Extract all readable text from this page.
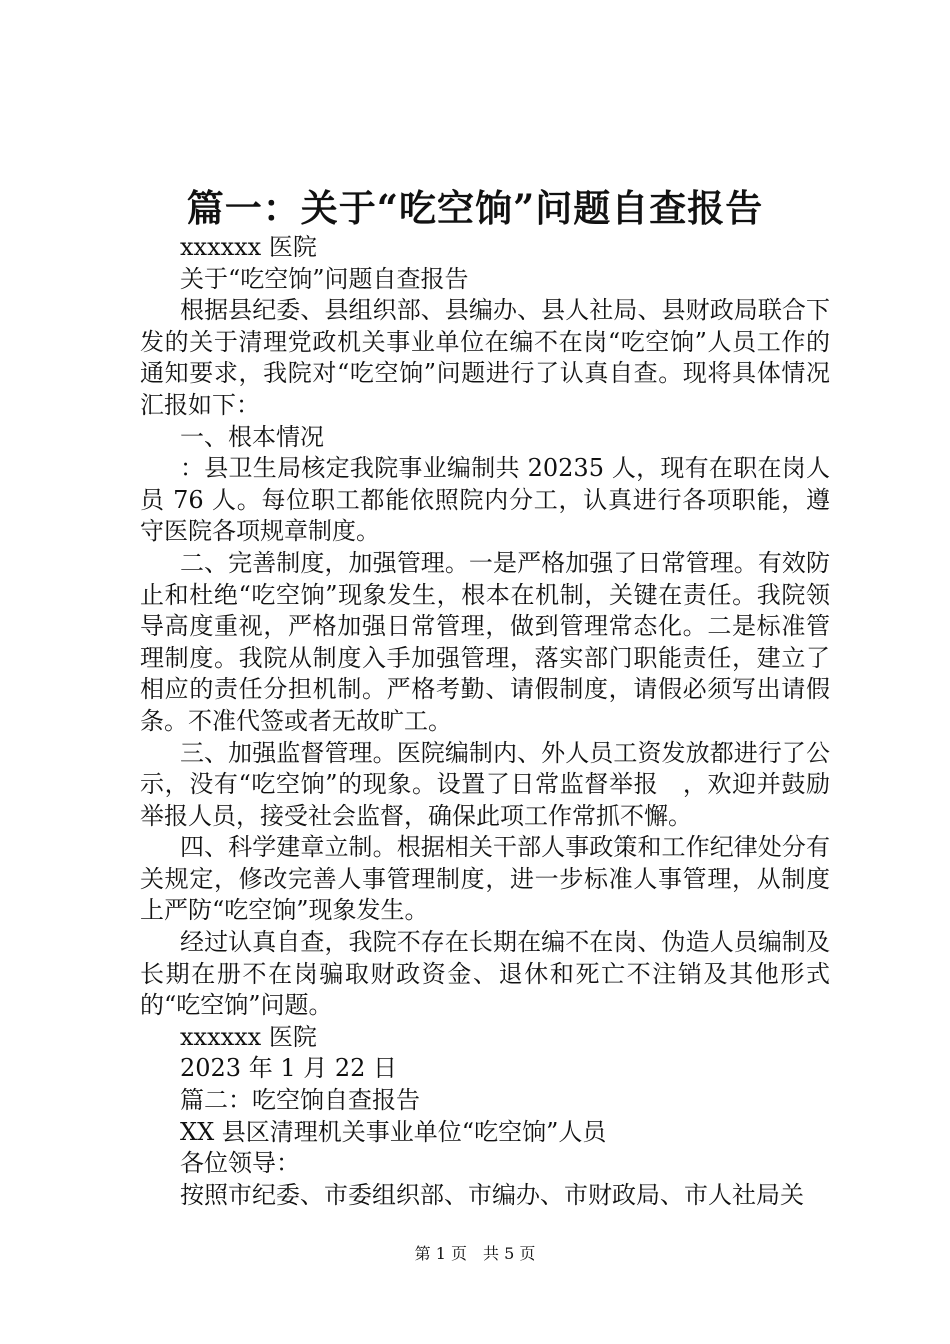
篇一：关于“吃空饷”问题自查报告

xxxxxx 医院

关于“吃空饷”问题自查报告

根据县纪委、县组织部、县编办、县人社局、县财政局联合下发的关于清理党政机关事业单位在编不在岗“吃空饷”人员工作的通知要求，我院对“吃空饷”问题进行了认真自查。现将具体情况汇报如下：

一、根本情况

：县卫生局核定我院事业编制共 20235 人，现有在职在岗人员 76 人。每位职工都能依照院内分工，认真进行各项职能，遵守医院各项规章制度。

二、完善制度，加强管理。一是严格加强了日常管理。有效防止和杜绝“吃空饷”现象发生，根本在机制，关键在责任。我院领导高度重视，严格加强日常管理，做到管理常态化。二是标准管理制度。我院从制度入手加强管理，落实部门职能责任，建立了相应的责任分担机制。严格考勤、请假制度，请假必须写出请假条。不准代签或者无故旷工。

三、加强监督管理。医院编制内、外人员工资发放都进行了公示，没有“吃空饷”的现象。设置了日常监督举报　，欢迎并鼓励举报人员，接受社会监督，确保此项工作常抓不懈。

四、科学建章立制。根据相关干部人事政策和工作纪律处分有关规定，修改完善人事管理制度，进一步标准人事管理，从制度上严防“吃空饷”现象发生。

经过认真自查，我院不存在长期在编不在岗、伪造人员编制及长期在册不在岗骗取财政资金、退休和死亡不注销及其他形式的“吃空饷”问题。

xxxxxx 医院

2023 年 1 月 22 日

篇二：吃空饷自查报告

XX 县区清理机关事业单位“吃空饷”人员

各位领导：

按照市纪委、市委组织部、市编办、市财政局、市人社局关

第 1 页　共 5 页
